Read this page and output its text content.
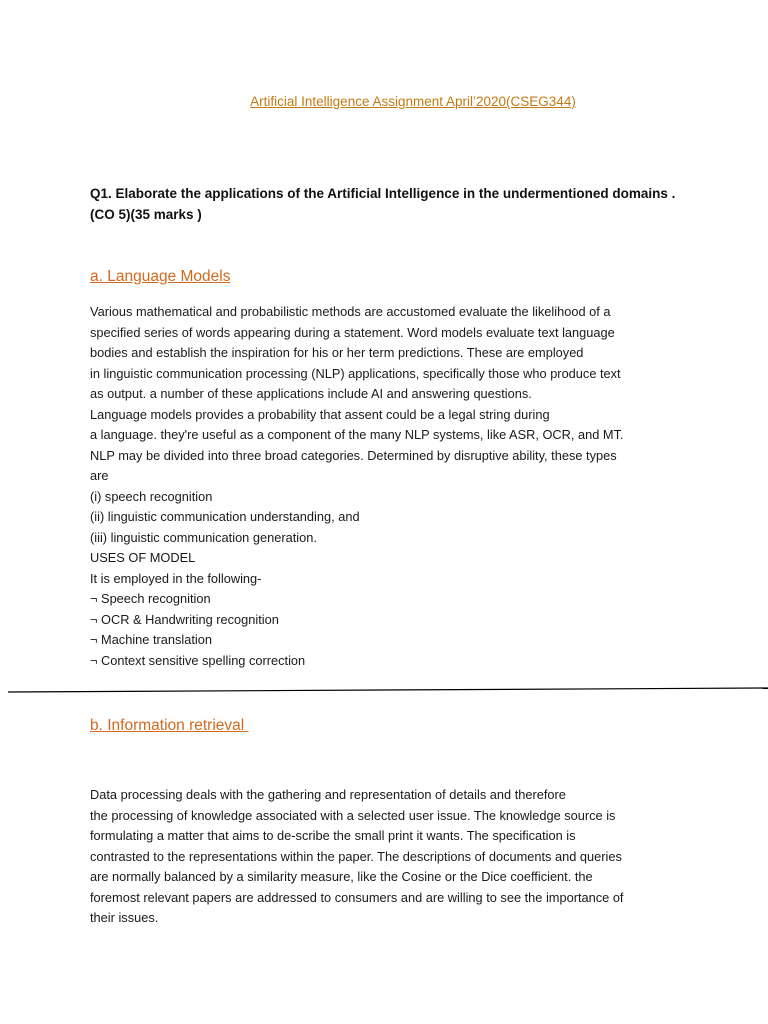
Artificial Intelligence Assignment April’2020(CSEG344)
Q1. Elaborate the applications of the Artificial Intelligence in the undermentioned domains .
(CO 5)(35 marks )
a. Language Models
Various mathematical and probabilistic methods are accustomed evaluate the likelihood of a
specified series of words appearing during a statement. Word models evaluate text language
bodies and establish the inspiration for his or her term predictions. These are employed
in linguistic communication processing (NLP) applications, specifically those who produce text
as output. a number of these applications include AI and answering questions.
Language models provides a probability that assent could be a legal string during
a language. they're useful as a component of the many NLP systems, like ASR, OCR, and MT.
NLP may be divided into three broad categories. Determined by disruptive ability, these types
are
(i) speech recognition
(ii) linguistic communication understanding, and
(iii) linguistic communication generation.
USES OF MODEL
It is employed in the following-
¬ Speech recognition
¬ OCR & Handwriting recognition
¬ Machine translation
¬ Context sensitive spelling correction
b. Information retrieval
Data processing deals with the gathering and representation of details and therefore
the processing of knowledge associated with a selected user issue. The knowledge source is
formulating a matter that aims to de-scribe the small print it wants. The specification is
contrasted to the representations within the paper. The descriptions of documents and queries
are normally balanced by a similarity measure, like the Cosine or the Dice coefficient. the
foremost relevant papers are addressed to consumers and are willing to see the importance of
their issues.
